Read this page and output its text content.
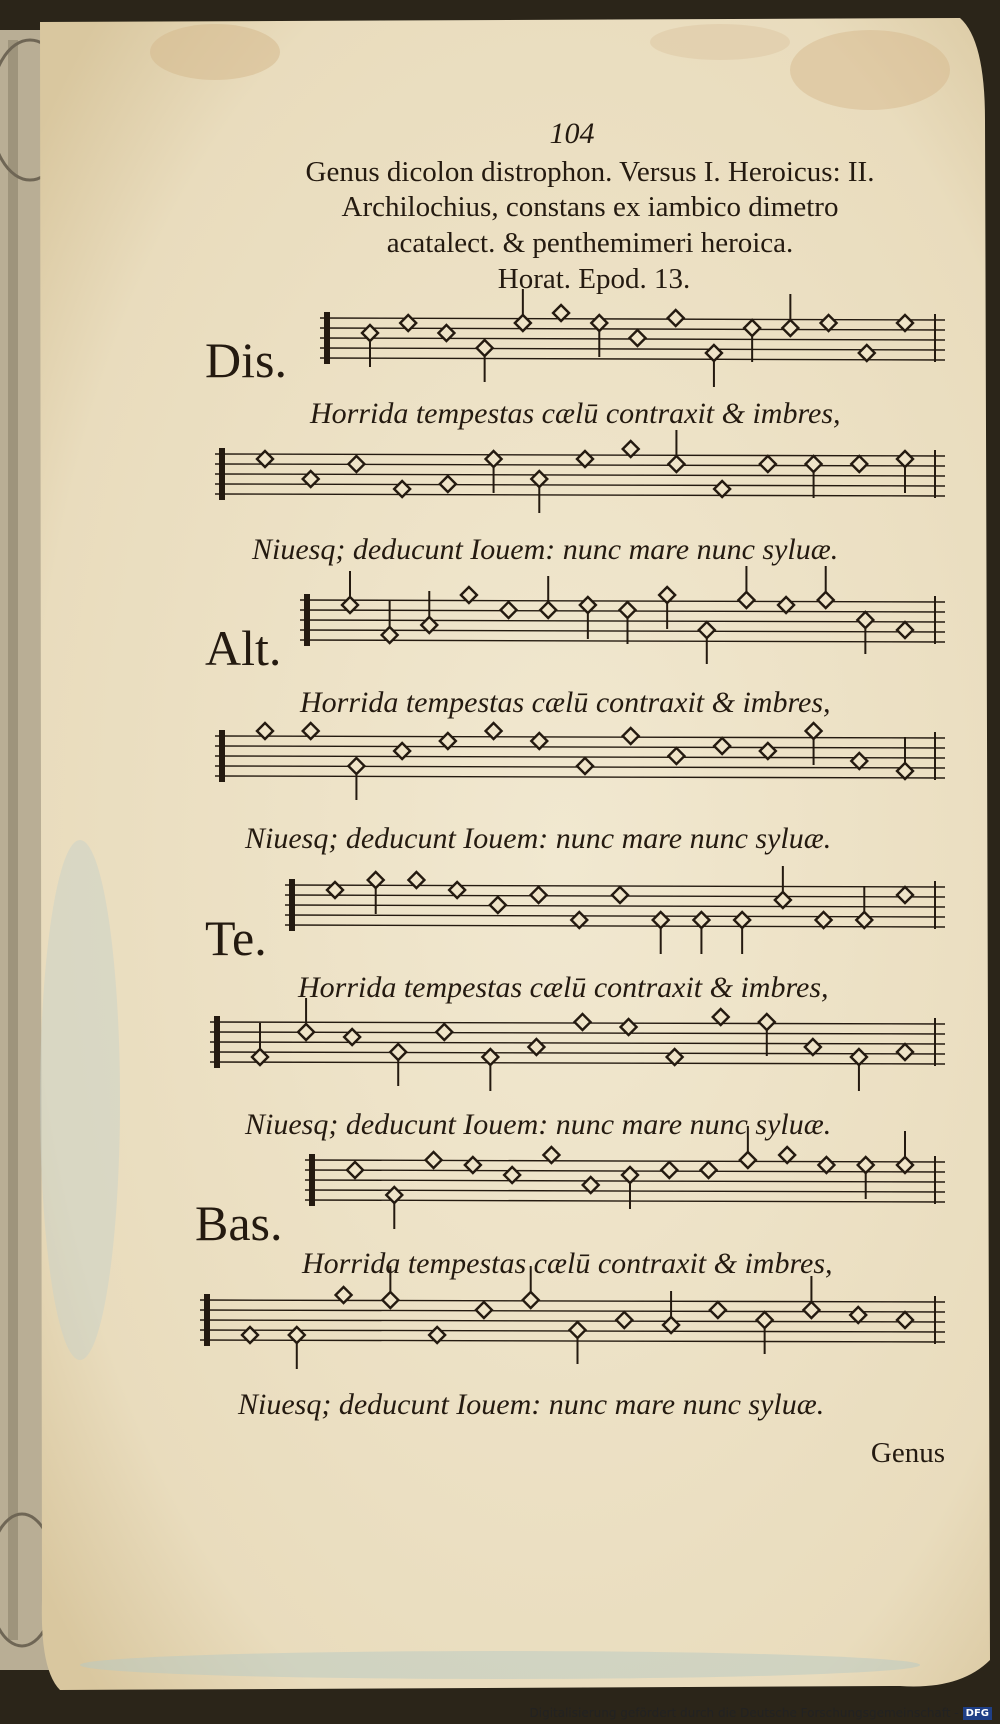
104
Genus dicolon distrophon. Versus I. Heroicus: II.
Archilochius, constans ex iambico dimetro
acatalect. & penthemimeri heroica.
Horat. Epod. 13.
Dis.
Alt.
Te.
Bas.
Horrida tempestas cælū contraxit & imbres,
Niuesq; deducunt Iouem: nunc mare nunc syluæ.
Horrida tempestas cælū contraxit & imbres,
Niuesq; deducunt Iouem: nunc mare nunc syluæ.
Horrida tempestas cælū contraxit & imbres,
Niuesq; deducunt Iouem: nunc mare nunc syluæ.
Horrida tempestas cælū contraxit & imbres,
Niuesq; deducunt Iouem: nunc mare nunc syluæ.
Genus
Digitalisierung gefördert durch die Deutsche Forschungsgemeinschaft - DFG
